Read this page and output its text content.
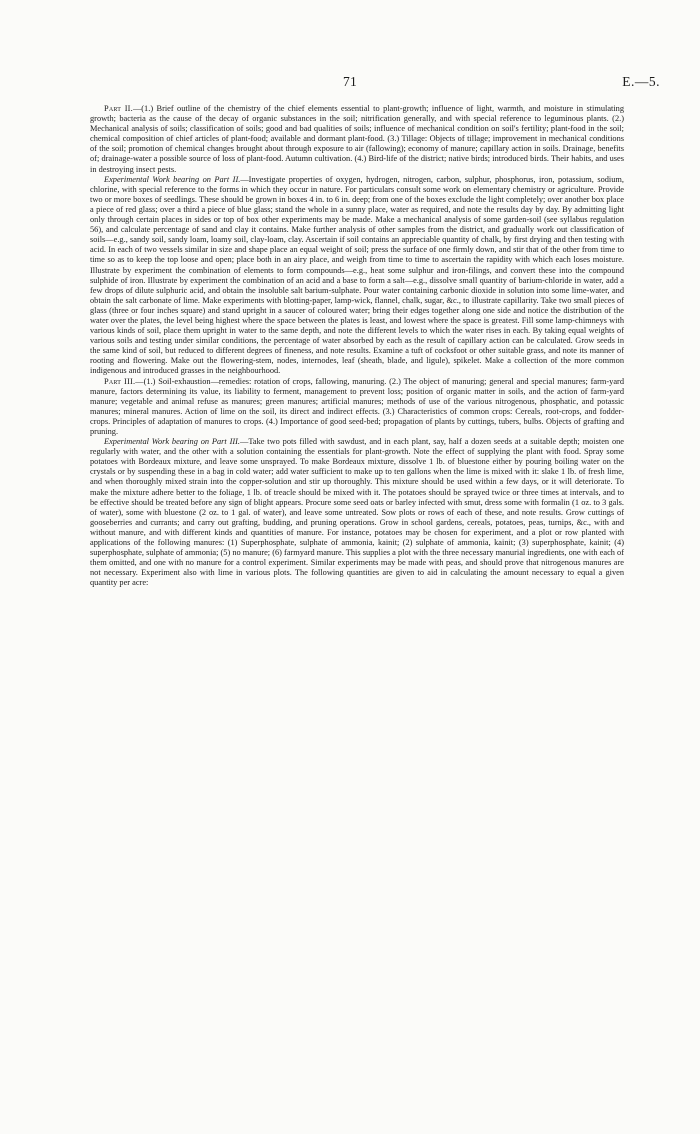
71	E.—5.

Part II.—(1.) Brief outline of the chemistry of the chief elements essential to plant-growth; influence of light, warmth, and moisture in stimulating growth; bacteria as the cause of the decay of organic substances in the soil; nitrification generally, and with special reference to leguminous plants. (2.) Mechanical analysis of soils; classification of soils; good and bad qualities of soils; influence of mechanical condition on soil's fertility; plant-food in the soil; chemical composition of chief articles of plant-food; available and dormant plant-food. (3.) Tillage: Objects of tillage; improvement in mechanical conditions of the soil; promotion of chemical changes brought about through exposure to air (fallowing); economy of manure; capillary action in soils. Drainage, benefits of; drainage-water a possible source of loss of plant-food. Autumn cultivation. (4.) Bird-life of the district; native birds; introduced birds. Their habits, and uses in destroying insect pests.

Experimental Work bearing on Part II.—Investigate properties of oxygen, hydrogen, nitrogen, carbon, sulphur, phosphorus, iron, potassium, sodium, chlorine, with special reference to the forms in which they occur in nature. For particulars consult some work on elementary chemistry or agriculture. Provide two or more boxes of seedlings. These should be grown in boxes 4 in. to 6 in. deep; from one of the boxes exclude the light completely; over another box place a piece of red glass; over a third a piece of blue glass; stand the whole in a sunny place, water as required, and note the results day by day. By admitting light only through certain places in sides or top of box other experiments may be made. Make a mechanical analysis of some garden-soil (see syllabus regulation 56), and calculate percentage of sand and clay it contains. Make further analysis of other samples from the district, and gradually work out classification of soils—e.g., sandy soil, sandy loam, loamy soil, clay-loam, clay. Ascertain if soil contains an appreciable quantity of chalk, by first drying and then testing with acid. In each of two vessels similar in size and shape place an equal weight of soil; press the surface of one firmly down, and stir that of the other from time to time so as to keep the top loose and open; place both in an airy place, and weigh from time to time to ascertain the rapidity with which each loses moisture. Illustrate by experiment the combination of elements to form compounds—e.g., heat some sulphur and iron-filings, and convert these into the compound sulphide of iron. Illustrate by experiment the combination of an acid and a base to form a salt—e.g., dissolve small quantity of barium-chloride in water, add a few drops of dilute sulphuric acid, and obtain the insoluble salt barium-sulphate. Pour water containing carbonic dioxide in solution into some lime-water, and obtain the salt carbonate of lime. Make experiments with blotting-paper, lamp-wick, flannel, chalk, sugar, &c., to illustrate capillarity. Take two small pieces of glass (three or four inches square) and stand upright in a saucer of coloured water; bring their edges together along one side and notice the distribution of the water over the plates, the level being highest where the space between the plates is least, and lowest where the space is greatest. Fill some lamp-chimneys with various kinds of soil, place them upright in water to the same depth, and note the different levels to which the water rises in each. By taking equal weights of various soils and testing under similar conditions, the percentage of water absorbed by each as the result of capillary action can be calculated. Grow seeds in the same kind of soil, but reduced to different degrees of fineness, and note results. Examine a tuft of cocksfoot or other suitable grass, and note its manner of rooting and flowering. Make out the flowering-stem, nodes, internodes, leaf (sheath, blade, and ligule), spikelet. Make a collection of the more common indigenous and introduced grasses in the neighbourhood.

Part III.—(1.) Soil-exhaustion—remedies: rotation of crops, fallowing, manuring. (2.) The object of manuring; general and special manures; farm-yard manure, factors determining its value, its liability to ferment, management to prevent loss; position of organic matter in soils, and the action of farm-yard manure; vegetable and animal refuse as manures; green manures; artificial manures; methods of use of the various nitrogenous, phosphatic, and potassic manures; mineral manures. Action of lime on the soil, its direct and indirect effects. (3.) Characteristics of common crops: Cereals, root-crops, and fodder-crops. Principles of adaptation of manures to crops. (4.) Importance of good seed-bed; propagation of plants by cuttings, tubers, bulbs. Objects of grafting and pruning.

Experimental Work bearing on Part III.—Take two pots filled with sawdust, and in each plant, say, half a dozen seeds at a suitable depth; moisten one regularly with water, and the other with a solution containing the essentials for plant-growth. Note the effect of supplying the plant with food. Spray some potatoes with Bordeaux mixture, and leave some unsprayed. To make Bordeaux mixture, dissolve 1 lb. of bluestone either by pouring boiling water on the crystals or by suspending these in a bag in cold water; add water sufficient to make up to ten gallons when the lime is mixed with it: slake 1 lb. of fresh lime, and when thoroughly mixed strain into the copper-solution and stir up thoroughly. This mixture should be used within a few days, or it will deteriorate. To make the mixture adhere better to the foliage, 1 lb. of treacle should be mixed with it. The potatoes should be sprayed twice or three times at intervals, and to be effective should be treated before any sign of blight appears. Procure some seed oats or barley infected with smut, dress some with formalin (1 oz. to 3 gals. of water), some with bluestone (2 oz. to 1 gal. of water), and leave some untreated. Sow plots or rows of each of these, and note results. Grow cuttings of gooseberries and currants; and carry out grafting, budding, and pruning operations. Grow in school gardens, cereals, potatoes, peas, turnips, &c., with and without manure, and with different kinds and quantities of manure. For instance, potatoes may be chosen for experiment, and a plot or row planted with applications of the following manures: (1) Superphosphate, sulphate of ammonia, kainit; (2) sulphate of ammonia, kainit; (3) superphosphate, kainit; (4) superphosphate, sulphate of ammonia; (5) no manure; (6) farmyard manure. This supplies a plot with the three necessary manurial ingredients, one with each of them omitted, and one with no manure for a control experiment. Similar experiments may be made with peas, and should prove that nitrogenous manures are not necessary. Experiment also with lime in various plots. The following quantities are given to aid in calculating the amount necessary to equal a given quantity per acre:
